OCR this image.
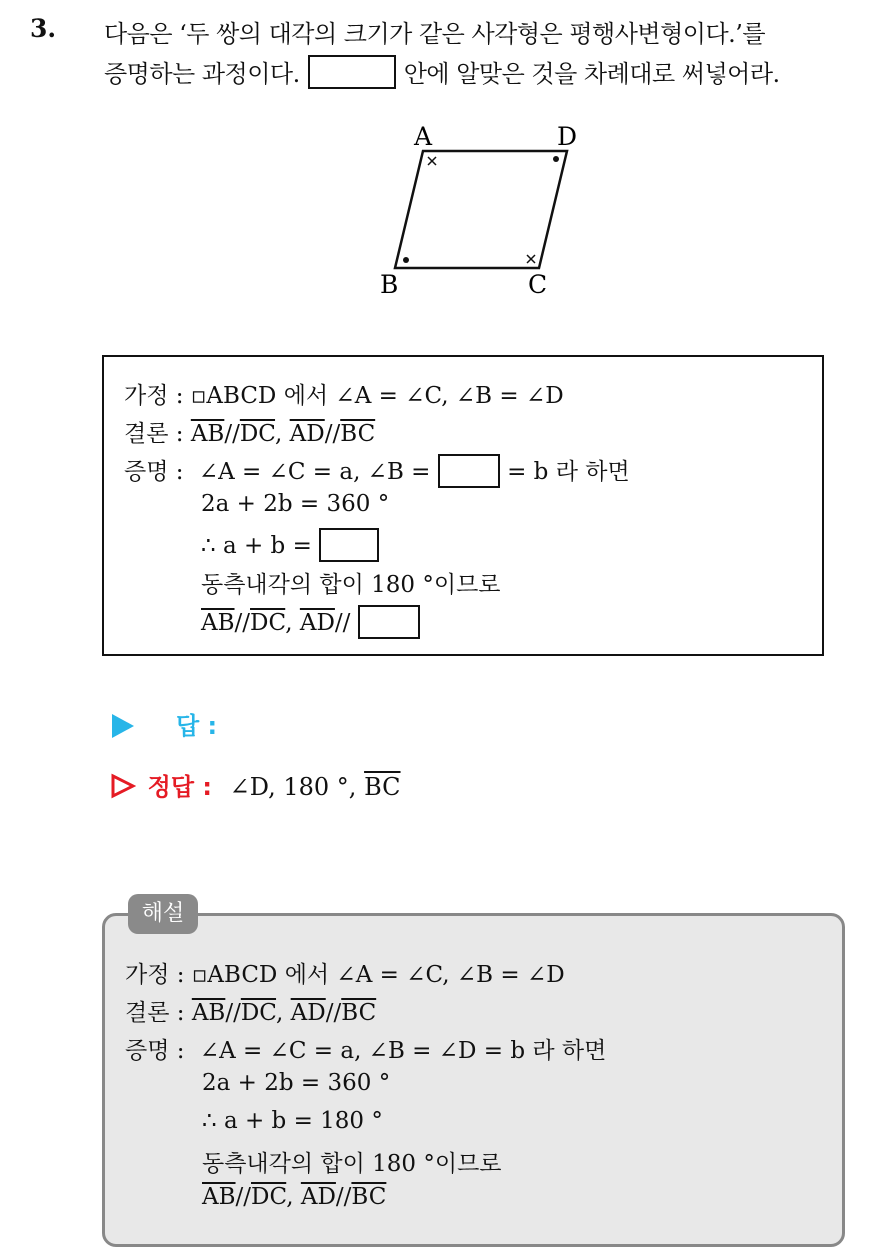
3. 다음은 ‘두 쌍의 대각의 크기가 같은 사각형은 평행사변형이다.’를
증명하는 과정이다.	안에 알맞은 것을 차례대로 써넣어라.
A	D
B	C
가정 : ▫ABCD 에서 ∠A = ∠C, ∠B = ∠D
결론 : $\overline{AB}//\overline{DC}$, $\overline{AD}//\overline{BC}$
증명 : ∠A = ∠C = a, ∠B =	= b 라 하면
2a + 2b = 360 °
∴ a + b =
동측내각의 합이 180 °이므로
$\overline{AB}//\overline{DC}$, $\overline{AD}//$
답 :
정답 : ∠D, 180 °, $\overline{BC}$
가정 : ▫ABCD 에서 ∠A = ∠C, ∠B = ∠D
결론 : $\overline{AB}//\overline{DC}$, $\overline{AD}//\overline{BC}$
증명 : ∠A = ∠C = a, ∠B = ∠D = b 라 하면
2a + 2b = 360 °
∴ a + b = 180 °
동측내각의 합이 180 °이므로
$\overline{AB}//\overline{DC}$, $\overline{AD}//\overline{BC}$
해설
